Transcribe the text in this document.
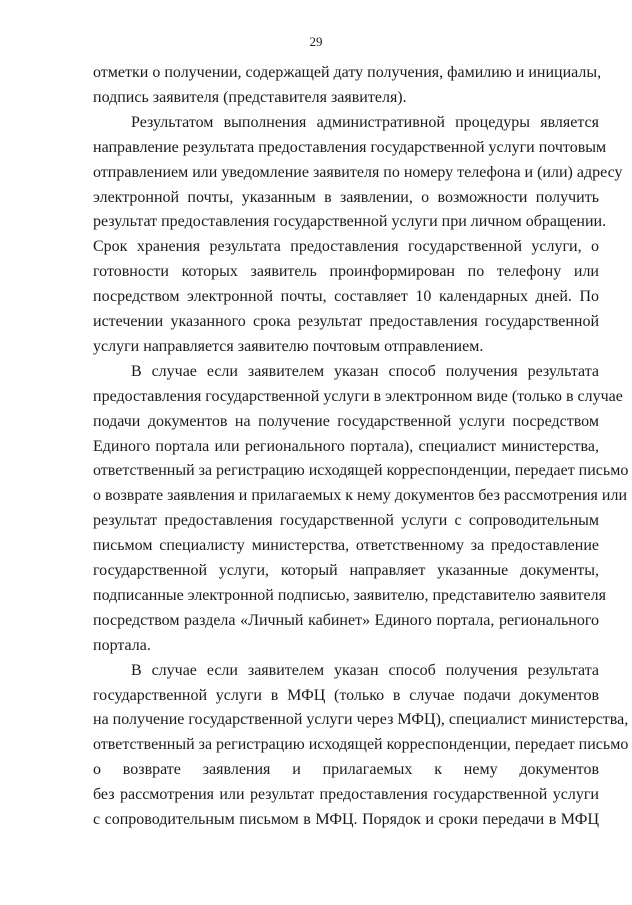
29
отметки о получении, содержащей дату получения, фамилию и инициалы,
подпись заявителя (представителя заявителя).
Результатом выполнения административной процедуры является
направление результата предоставления государственной услуги почтовым
отправлением или уведомление заявителя по номеру телефона и (или) адресу
электронной почты, указанным в заявлении, о возможности получить
результат предоставления государственной услуги при личном обращении.
Срок хранения результата предоставления государственной услуги, о
готовности которых заявитель проинформирован по телефону или
посредством электронной почты, составляет 10 календарных дней. По
истечении указанного срока результат предоставления государственной
услуги направляется заявителю почтовым отправлением.
В случае если заявителем указан способ получения результата
предоставления государственной услуги в электронном виде (только в случае
подачи документов на получение государственной услуги посредством
Единого портала или регионального портала), специалист министерства,
ответственный за регистрацию исходящей корреспонденции, передает письмо
о возврате заявления и прилагаемых к нему документов без рассмотрения или
результат предоставления государственной услуги с сопроводительным
письмом специалисту министерства, ответственному за предоставление
государственной услуги, который направляет указанные документы,
подписанные электронной подписью, заявителю, представителю заявителя
посредством раздела «Личный кабинет» Единого портала, регионального
портала.
В случае если заявителем указан способ получения результата
государственной услуги в МФЦ (только в случае подачи документов
на получение государственной услуги через МФЦ), специалист министерства,
ответственный за регистрацию исходящей корреспонденции, передает письмо
о возврате заявления и прилагаемых к нему документов
без рассмотрения или результат предоставления государственной услуги
с сопроводительным письмом в МФЦ. Порядок и сроки передачи в МФЦ
